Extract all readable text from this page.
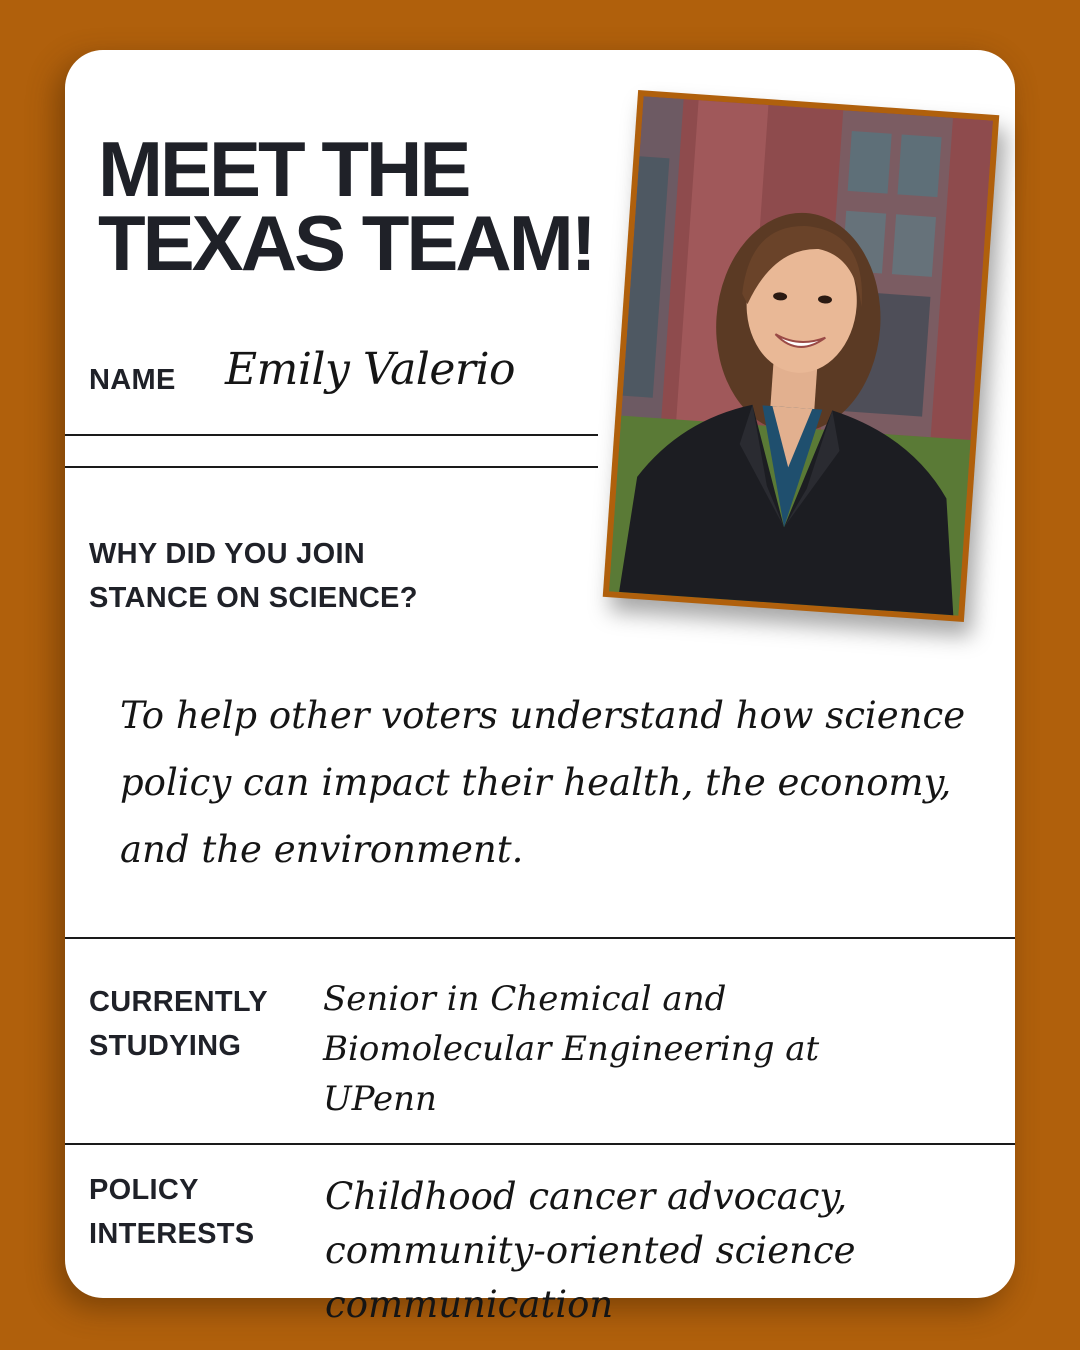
MEET THE
TEXAS TEAM!
NAME Emily Valerio
WHY DID YOU JOIN
STANCE ON SCIENCE?
To help other voters understand how science policy can impact their health, the economy, and the environment.
CURRENTLY
STUDYING
Senior in Chemical and Biomolecular Engineering at UPenn
POLICY
INTERESTS
Childhood cancer advocacy, community-oriented science communication
